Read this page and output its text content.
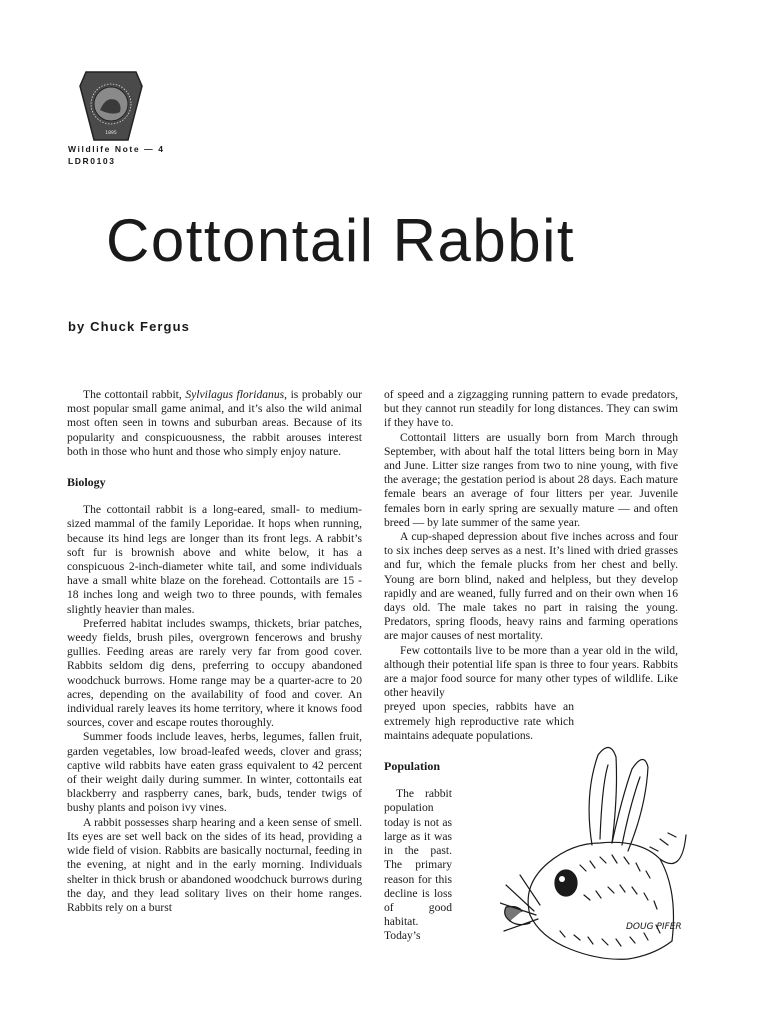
1895
Wildlife Note — 4
LDR0103
Cottontail Rabbit
by Chuck Fergus

The cottontail rabbit, Sylvilagus floridanus, is probably our most popular small game animal, and it’s also the wild animal most often seen in towns and suburban areas. Because of its popularity and conspicuousness, the rabbit arouses interest both in those who hunt and those who simply enjoy nature.

Biology

The cottontail rabbit is a long-eared, small- to medium-sized mammal of the family Leporidae. It hops when running, because its hind legs are longer than its front legs. A rabbit’s soft fur is brownish above and white below, it has a conspicuous 2-inch-diameter white tail, and some individuals have a small white blaze on the forehead. Cottontails are 15 - 18 inches long and weigh two to three pounds, with females slightly heavier than males.

Preferred habitat includes swamps, thickets, briar patches, weedy fields, brush piles, overgrown fencerows and brushy gullies. Feeding areas are rarely very far from good cover. Rabbits seldom dig dens, preferring to occupy abandoned woodchuck burrows. Home range may be a quarter-acre to 20 acres, depending on the availability of food and cover. An individual rarely leaves its home territory, where it knows food sources, cover and escape routes thoroughly.

Summer foods include leaves, herbs, legumes, fallen fruit, garden vegetables, low broad-leafed weeds, clover and grass; captive wild rabbits have eaten grass equivalent to 42 percent of their weight daily during summer. In winter, cottontails eat blackberry and raspberry canes, bark, buds, tender twigs of bushy plants and poison ivy vines.

A rabbit possesses sharp hearing and a keen sense of smell. Its eyes are set well back on the sides of its head, providing a wide field of vision. Rabbits are basically nocturnal, feeding in the evening, at night and in the early morning. Individuals shelter in thick brush or abandoned woodchuck burrows during the day, and they lead solitary lives on their home ranges. Rabbits rely on a burst

of speed and a zigzagging running pattern to evade predators, but they cannot run steadily for long distances. They can swim if they have to.

Cottontail litters are usually born from March through September, with about half the total litters being born in May and June. Litter size ranges from two to nine young, with five the average; the gestation period is about 28 days. Each mature female bears an average of four litters per year. Juvenile females born in early spring are sexually mature — and often breed — by late summer of the same year.

A cup-shaped depression about five inches across and four to six inches deep serves as a nest. It’s lined with dried grasses and fur, which the female plucks from her chest and belly. Young are born blind, naked and helpless, but they develop rapidly and are weaned, fully furred and on their own when 16 days old. The male takes no part in raising the young. Predators, spring floods, heavy rains and farming operations are major causes of nest mortality.

Few cottontails live to be more than a year old in the wild, although their potential life span is three to four years. Rabbits are a major food source for many other types of wildlife. Like other heavily

preyed upon species, rabbits have an extremely high reproductive rate which maintains adequate populations.

Population

The rabbit population today is not as large as it was in the past. The primary reason for this decline is loss of good habitat. Today’s

DOUG PIFER
